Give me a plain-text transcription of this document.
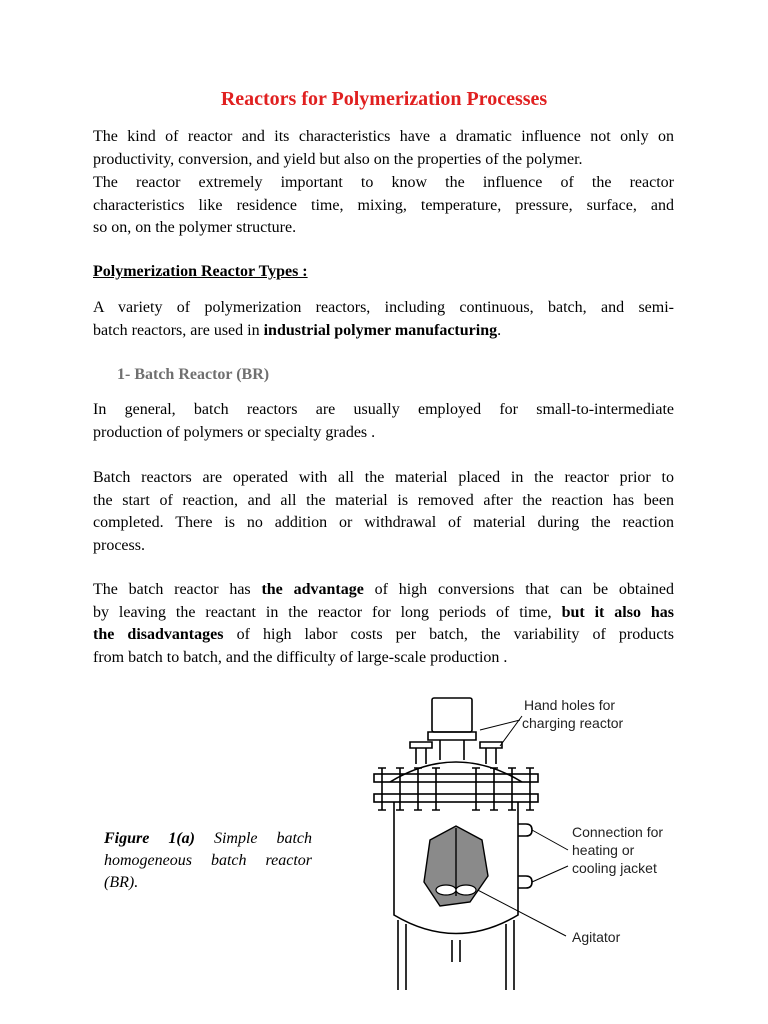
Reactors for Polymerization Processes
The kind of reactor and its characteristics have a dramatic influence not only on
productivity, conversion, and yield but also on the properties of the polymer.
The reactor extremely important to know the influence of the reactor
characteristics like residence time, mixing, temperature, pressure, surface, and
so on, on the polymer structure.
Polymerization Reactor Types :
A variety of polymerization reactors, including continuous, batch, and semi-
batch reactors, are used in industrial polymer manufacturing.
1- Batch Reactor (BR)
In general, batch reactors are usually employed for small-to-intermediate
production of polymers or specialty grades .
Batch reactors are operated with all the material placed in the reactor prior to
the start of reaction, and all the material is removed after the reaction has been
completed. There is no addition or withdrawal of material during the reaction
process.
The batch reactor has the advantage of high conversions that can be obtained
by leaving the reactant in the reactor for long periods of time, but it also has
the disadvantages of high labor costs per batch, the variability of products
from batch to batch, and the difficulty of large-scale production .
Figure 1(a) Simple batch
homogeneous batch reactor
(BR).
Hand holes for
charging reactor
Connection for
heating or
cooling jacket
Agitator
